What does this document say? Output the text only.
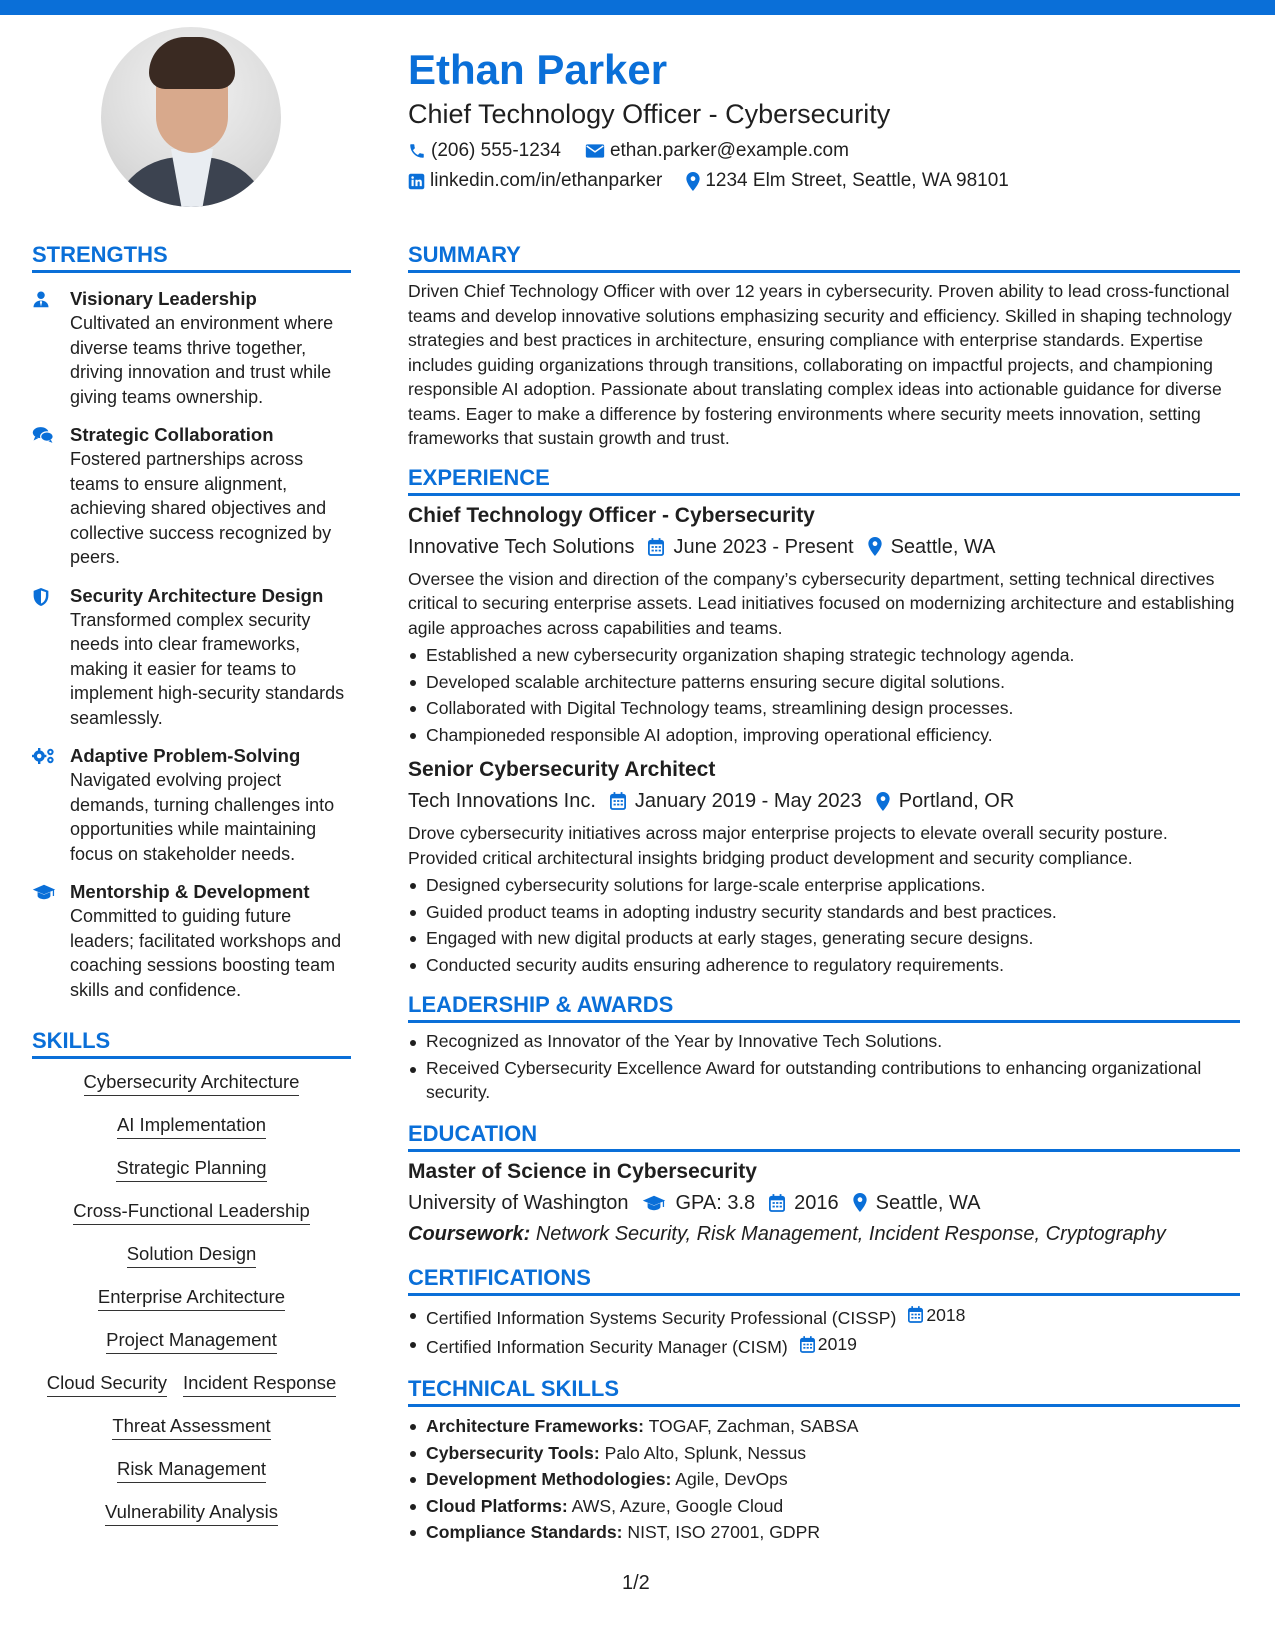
Ethan Parker
Chief Technology Officer - Cybersecurity
(206) 555-1234	ethan.parker@example.com
linkedin.com/in/ethanparker 1234 Elm Street, Seattle, WA 98101
STRENGTHS
Visionary Leadership
Cultivated an environment where diverse teams thrive together, driving innovation and trust while giving teams ownership.
Strategic Collaboration
Fostered partnerships across teams to ensure alignment, achieving shared objectives and collective success recognized by peers.
Security Architecture Design
Transformed complex security needs into clear frameworks, making it easier for teams to implement high-security standards seamlessly.
Adaptive Problem-Solving
Navigated evolving project demands, turning challenges into opportunities while maintaining focus on stakeholder needs.
Mentorship & Development
Committed to guiding future leaders; facilitated workshops and coaching sessions boosting team skills and confidence.
SKILLS
Cybersecurity Architecture
AI Implementation
Strategic Planning
Cross-Functional Leadership
Solution Design
Enterprise Architecture
Project Management
Cloud Security Incident Response
Threat Assessment
Risk Management
Vulnerability Analysis
SUMMARY
Driven Chief Technology Officer with over 12 years in cybersecurity. Proven ability to lead cross-functional teams and develop innovative solutions emphasizing security and efficiency. Skilled in shaping technology strategies and best practices in architecture, ensuring compliance with enterprise standards. Expertise includes guiding organizations through transitions, collaborating on impactful projects, and championing responsible AI adoption. Passionate about translating complex ideas into actionable guidance for diverse teams. Eager to make a difference by fostering environments where security meets innovation, setting frameworks that sustain growth and trust.
EXPERIENCE
Chief Technology Officer - Cybersecurity
Innovative Tech Solutions June 2023 - Present Seattle, WA
Oversee the vision and direction of the company’s cybersecurity department, setting technical directives critical to securing enterprise assets. Lead initiatives focused on modernizing architecture and establishing agile approaches across capabilities and teams.
Established a new cybersecurity organization shaping strategic technology agenda.
Developed scalable architecture patterns ensuring secure digital solutions.
Collaborated with Digital Technology teams, streamlining design processes.
Championeded responsible AI adoption, improving operational efficiency.
Senior Cybersecurity Architect
Tech Innovations Inc. January 2019 - May 2023 Portland, OR
Drove cybersecurity initiatives across major enterprise projects to elevate overall security posture. Provided critical architectural insights bridging product development and security compliance.
Designed cybersecurity solutions for large-scale enterprise applications.
Guided product teams in adopting industry security standards and best practices.
Engaged with new digital products at early stages, generating secure designs.
Conducted security audits ensuring adherence to regulatory requirements.
LEADERSHIP & AWARDS
Recognized as Innovator of the Year by Innovative Tech Solutions.
Received Cybersecurity Excellence Award for outstanding contributions to enhancing organizational security.
EDUCATION
Master of Science in Cybersecurity
University of Washington GPA: 3.8 2016 Seattle, WA
Coursework: Network Security, Risk Management, Incident Response, Cryptography
CERTIFICATIONS
Certified Information Systems Security Professional (CISSP) 2018
Certified Information Security Manager (CISM) 2019
TECHNICAL SKILLS
Architecture Frameworks: TOGAF, Zachman, SABSA
Cybersecurity Tools: Palo Alto, Splunk, Nessus
Development Methodologies: Agile, DevOps
Cloud Platforms: AWS, Azure, Google Cloud
Compliance Standards: NIST, ISO 27001, GDPR
1/2
